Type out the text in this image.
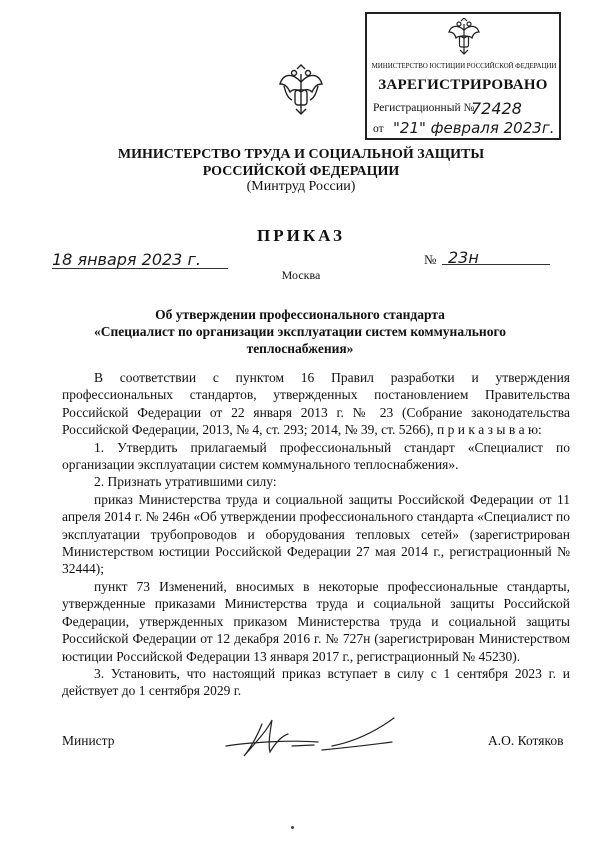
МИНИСТЕРСТВО ЮСТИЦИИ РОССИЙСКОЙ ФЕДЕРАЦИИ
ЗАРЕГИСТРИРОВАНО
Регистрационный №
72428
от "21" февраля 2023г.
МИНИСТЕРСТВО ТРУДА И СОЦИАЛЬНОЙ ЗАЩИТЫ
РОССИЙСКОЙ ФЕДЕРАЦИИ
(Минтруд России)
ПРИКАЗ
18 января 2023 г.
Москва
№ 23н
Об утверждении профессионального стандарта
«Специалист по организации эксплуатации систем коммунального
теплоснабжения»

В соответствии с пунктом 16 Правил разработки и утверждения профессиональных стандартов, утвержденных постановлением Правительства Российской Федерации от 22 января 2013 г. № 23 (Собрание законодательства Российской Федерации, 2013, № 4, ст. 293; 2014, № 39, ст. 5266), п р и к а з ы в а ю:

1. Утвердить прилагаемый профессиональный стандарт «Специалист по организации эксплуатации систем коммунального теплоснабжения».

2. Признать утратившими силу:

приказ Министерства труда и социальной защиты Российской Федерации от 11 апреля 2014 г. № 246н «Об утверждении профессионального стандарта «Специалист по эксплуатации трубопроводов и оборудования тепловых сетей» (зарегистрирован Министерством юстиции Российской Федерации 27 мая 2014 г., регистрационный № 32444);

пункт 73 Изменений, вносимых в некоторые профессиональные стандарты, утвержденные приказами Министерства труда и социальной защиты Российской Федерации, утвержденных приказом Министерства труда и социальной защиты Российской Федерации от 12 декабря 2016 г. № 727н (зарегистрирован Министерством юстиции Российской Федерации 13 января 2017 г., регистрационный № 45230).

3. Установить, что настоящий приказ вступает в силу с 1 сентября 2023 г. и действует до 1 сентября 2029 г.

Министр	А.О. Котяков
